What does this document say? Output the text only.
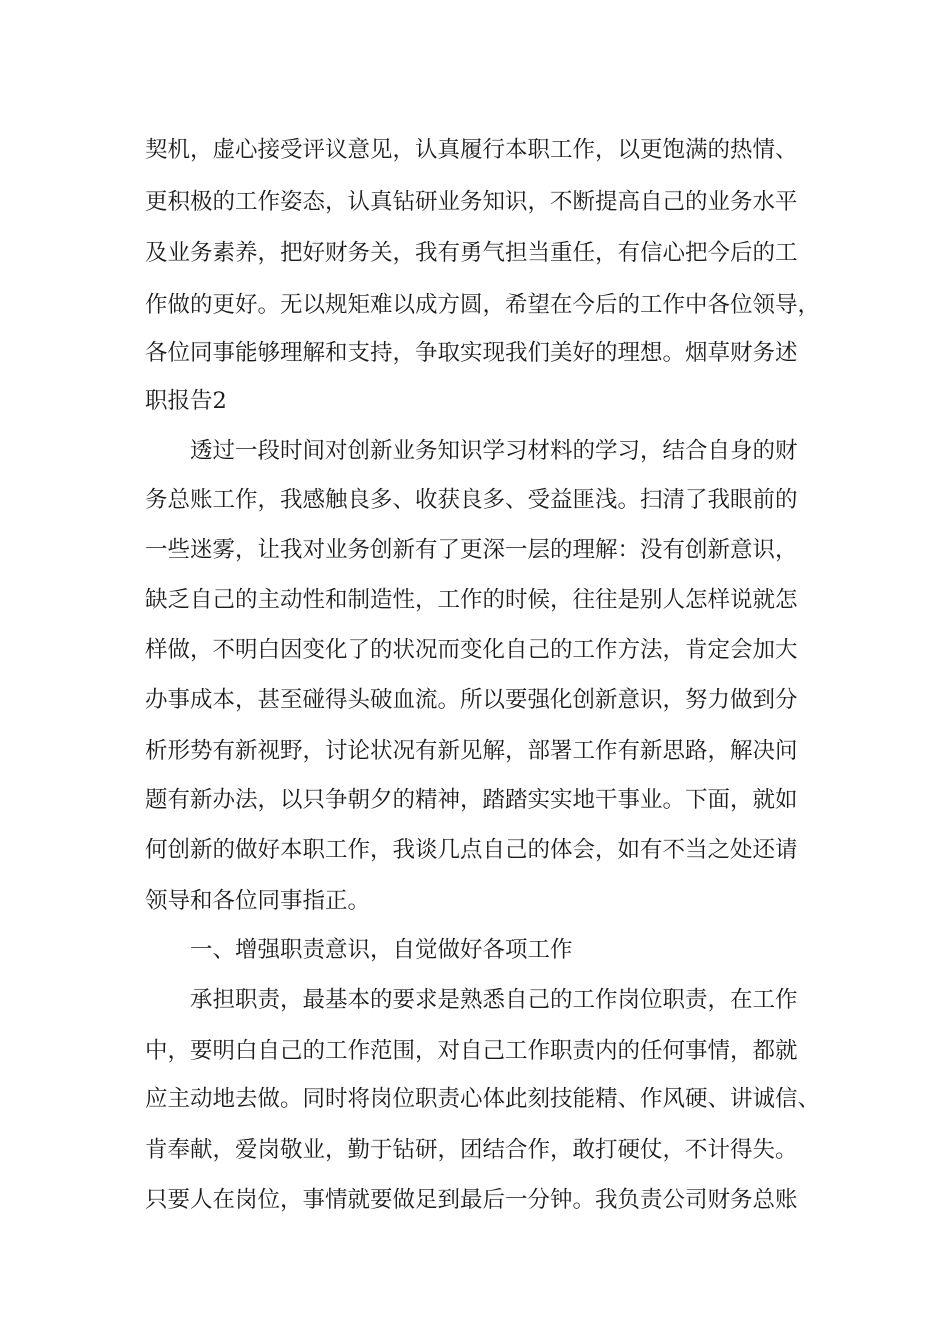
契机，虚心接受评议意见，认真履行本职工作，以更饱满的热情、
更积极的工作姿态，认真钻研业务知识，不断提高自己的业务水平
及业务素养，把好财务关，我有勇气担当重任，有信心把今后的工
作做的更好。无以规矩难以成方圆，希望在今后的工作中各位领导，
各位同事能够理解和支持，争取实现我们美好的理想。烟草财务述
职报告2
透过一段时间对创新业务知识学习材料的学习，结合自身的财
务总账工作，我感触良多、收获良多、受益匪浅。扫清了我眼前的
一些迷雾，让我对业务创新有了更深一层的理解：没有创新意识，
缺乏自己的主动性和制造性，工作的时候，往往是别人怎样说就怎
样做，不明白因变化了的状况而变化自己的工作方法，肯定会加大
办事成本，甚至碰得头破血流。所以要强化创新意识，努力做到分
析形势有新视野，讨论状况有新见解，部署工作有新思路，解决问
题有新办法，以只争朝夕的精神，踏踏实实地干事业。下面，就如
何创新的做好本职工作，我谈几点自己的体会，如有不当之处还请
领导和各位同事指正。
一、增强职责意识，自觉做好各项工作
承担职责，最基本的要求是熟悉自己的工作岗位职责，在工作
中，要明白自己的工作范围，对自己工作职责内的任何事情，都就
应主动地去做。同时将岗位职责心体此刻技能精、作风硬、讲诚信、
肯奉献，爱岗敬业，勤于钻研，团结合作，敢打硬仗，不计得失。
只要人在岗位，事情就要做足到最后一分钟。我负责公司财务总账
